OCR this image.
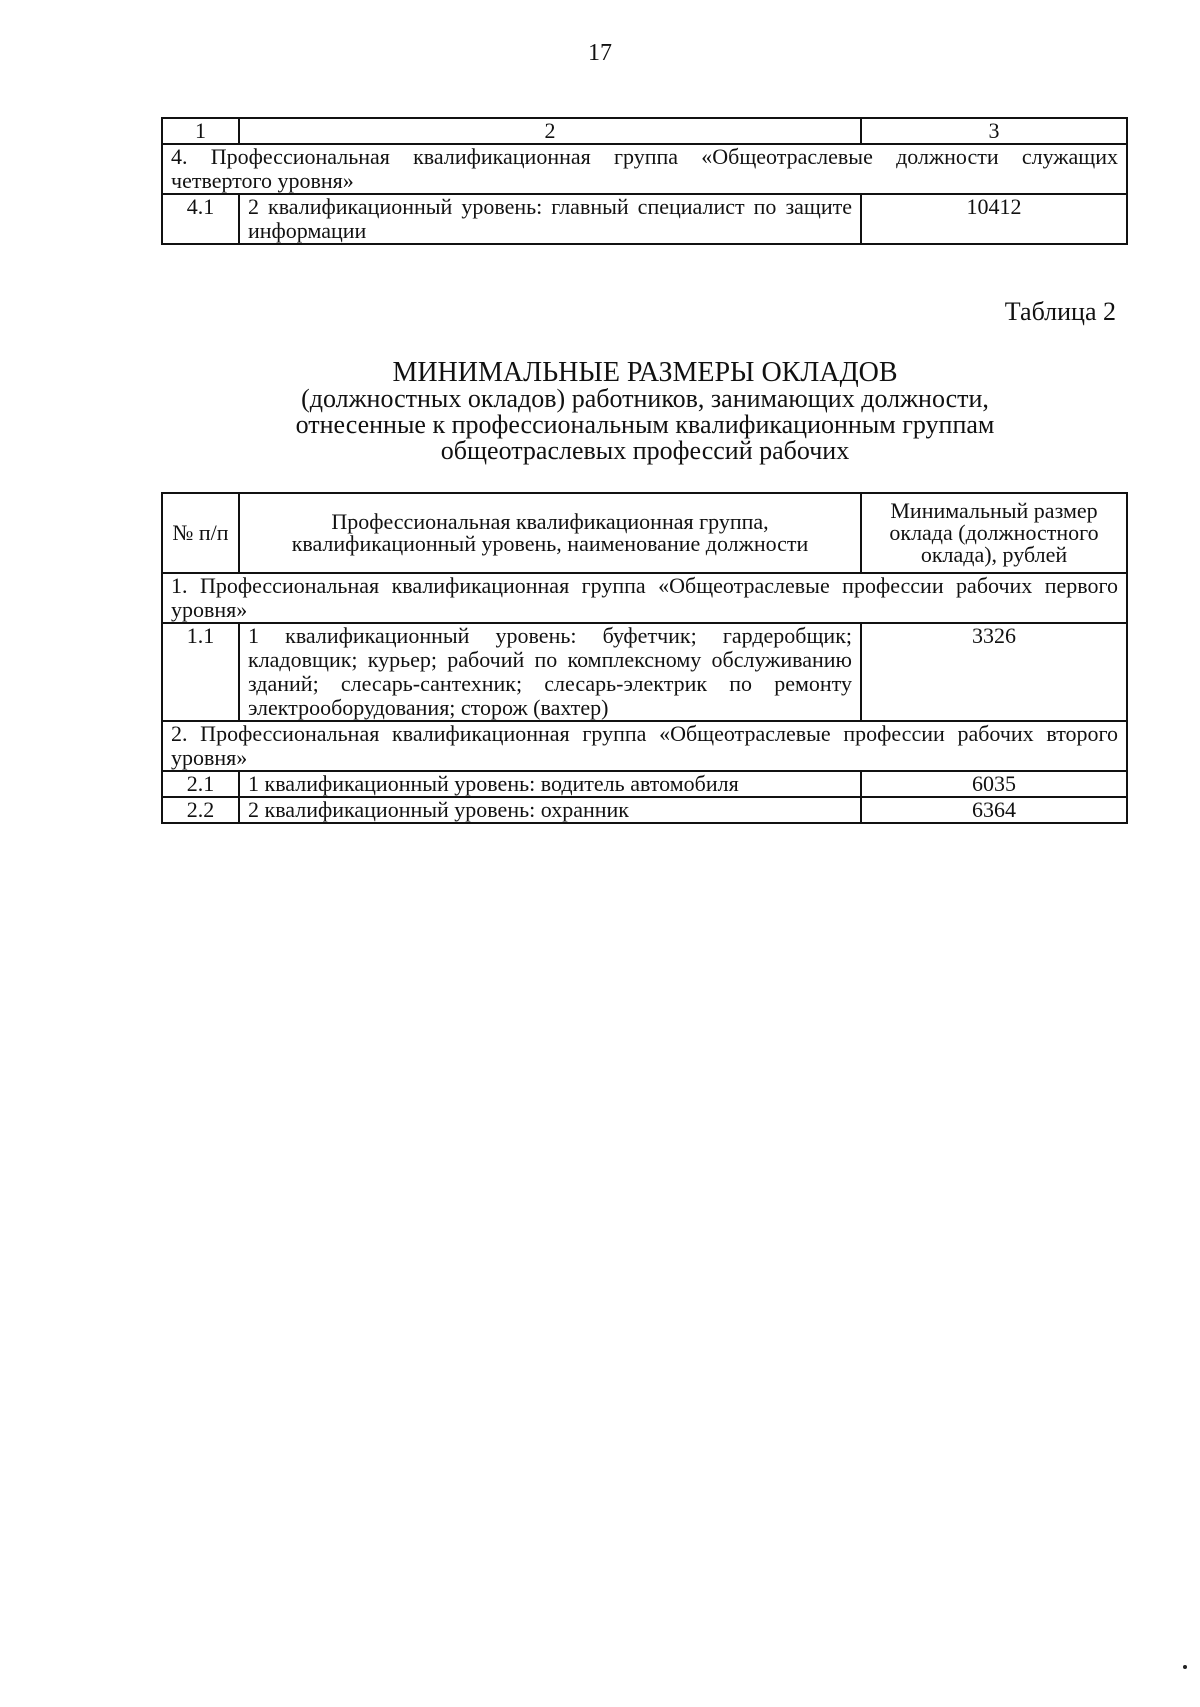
17
1	2	3
4. Профессиональная квалификационная группа «Общеотраслевые должности служащих четвертого уровня»		
4.1	2 квалификационный уровень: главный специалист по защите информации	10412
Таблица 2
МИНИМАЛЬНЫЕ РАЗМЕРЫ ОКЛАДОВ
(должностных окладов) работников, занимающих должности,
отнесенные к профессиональным квалификационным группам
общеотраслевых профессий рабочих
№ п/п	Профессиональная квалификационная группа, квалификационный уровень, наименование должности	Минимальный размер оклада (должностного оклада), рублей
1. Профессиональная квалификационная группа «Общеотраслевые профессии рабочих первого уровня»		
1.1	1 квалификационный уровень: буфетчик; гардеробщик; кладовщик; курьер; рабочий по комплексному обслуживанию зданий; слесарь-сантехник; слесарь-электрик по ремонту электрооборудования; сторож (вахтер)	3326
2. Профессиональная квалификационная группа «Общеотраслевые профессии рабочих второго уровня»		
2.1	1 квалификационный уровень: водитель автомобиля	6035
2.2	2 квалификационный уровень: охранник	6364
